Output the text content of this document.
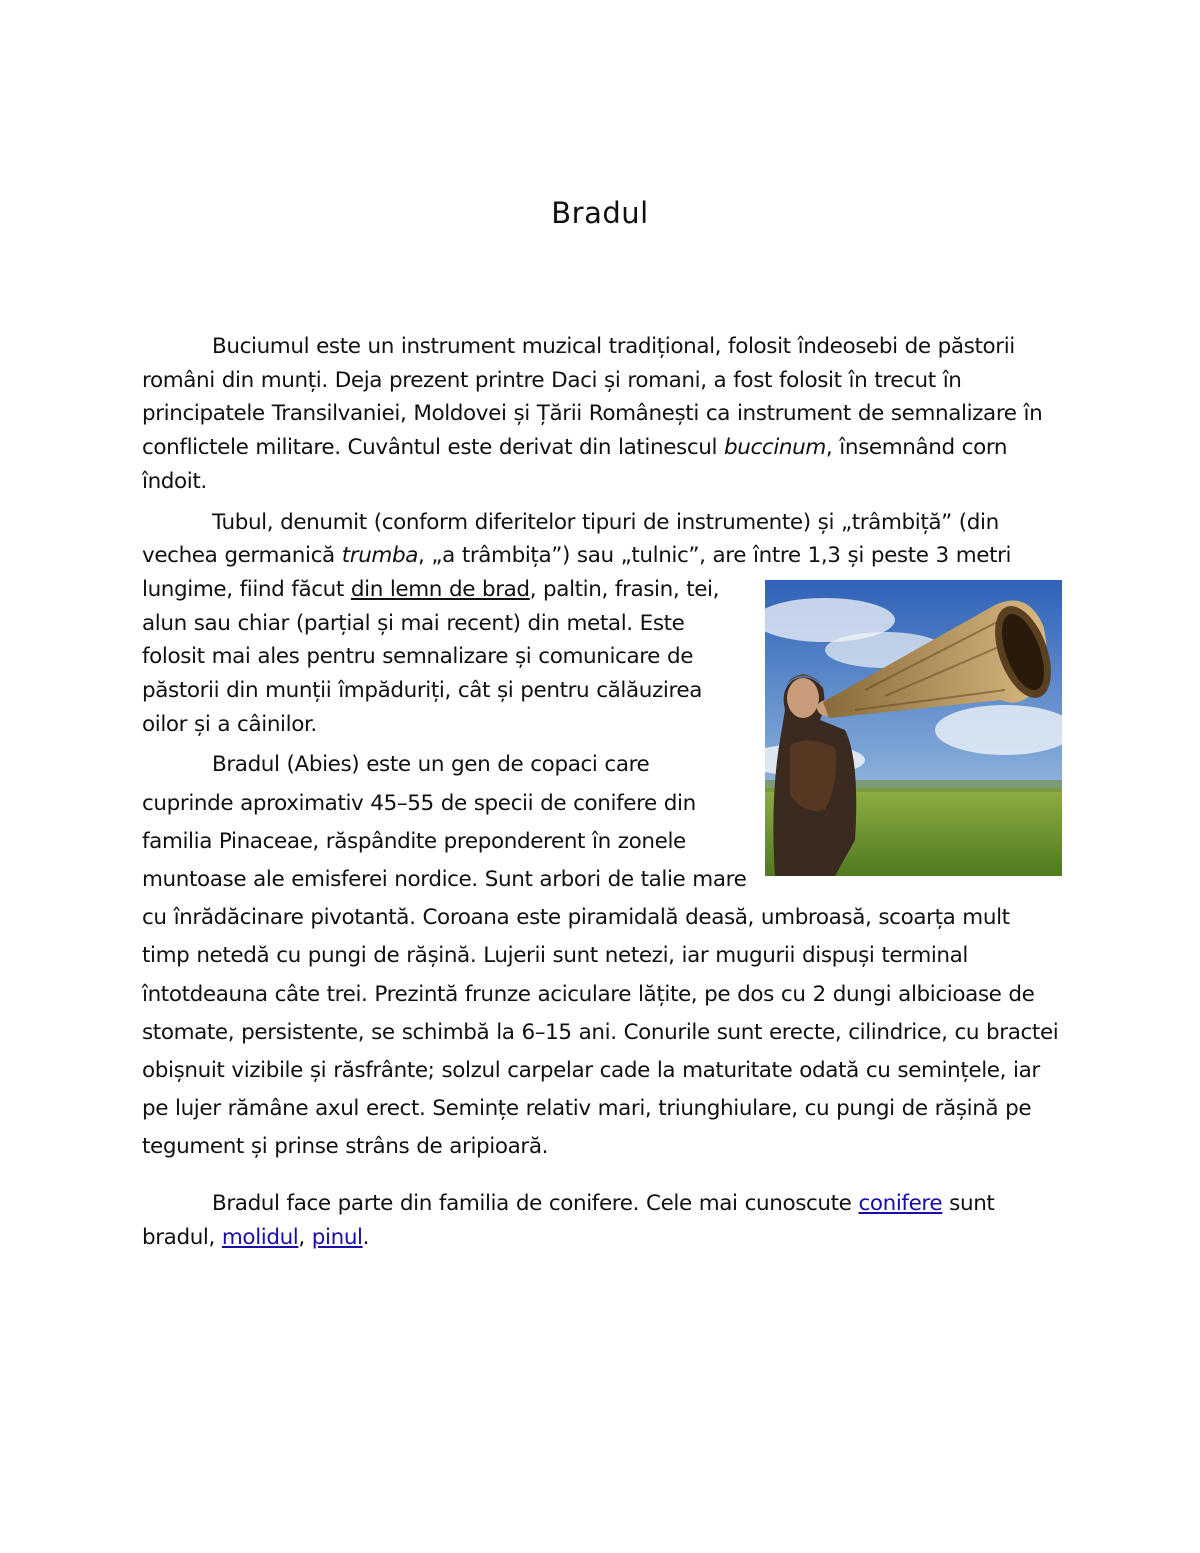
Bradul

Buciumul este un instrument muzical tradițional, folosit îndeosebi de păstorii români din munți. Deja prezent printre Daci și romani, a fost folosit în trecut în principatele Transilvaniei, Moldovei și Țării Românești ca instrument de semnalizare în conflictele militare. Cuvântul este derivat din latinescul buccinum, însemnând corn îndoit.

Tubul, denumit (conform diferitelor tipuri de instrumente) și „trâmbiță” (din vechea germanică trumba, „a trâmbița”) sau „tulnic”, are între 1,3 și peste 3 metri lungime, fiind făcut din lemn de brad
, paltin, frasin, tei, alun sau chiar (parțial și mai recent) din metal. Este folosit mai ales pentru semnalizare și comunicare de păstorii din munții împăduriți, cât și pentru călăuzirea oilor și a câinilor.

Bradul (Abies) este un gen de copaci care cuprinde aproximativ 45–55 de specii de conifere din familia Pinaceae, răspândite preponderent în zonele muntoase ale emisferei nordice. Sunt arbori de talie mare cu înrădăcinare pivotantă. Coroana este piramidală deasă, umbroasă, scoarța mult timp netedă cu pungi de rășină. Lujerii sunt netezi, iar mugurii dispuși terminal întotdeauna câte trei. Prezintă frunze aciculare lățite, pe dos cu 2 dungi albicioase de stomate, persistente, se schimbă la 6–15 ani. Conurile sunt erecte, cilindrice, cu bractei obișnuit vizibile și răsfrânte; solzul carpelar cade la maturitate odată cu semințele, iar pe lujer rămâne axul erect. Semințe relativ mari, triunghiulare, cu pungi de rășină pe tegument și prinse strâns de aripioară.

Bradul face parte din familia de conifere. Cele mai cunoscute conifere sunt bradul, molidul, pinul.
